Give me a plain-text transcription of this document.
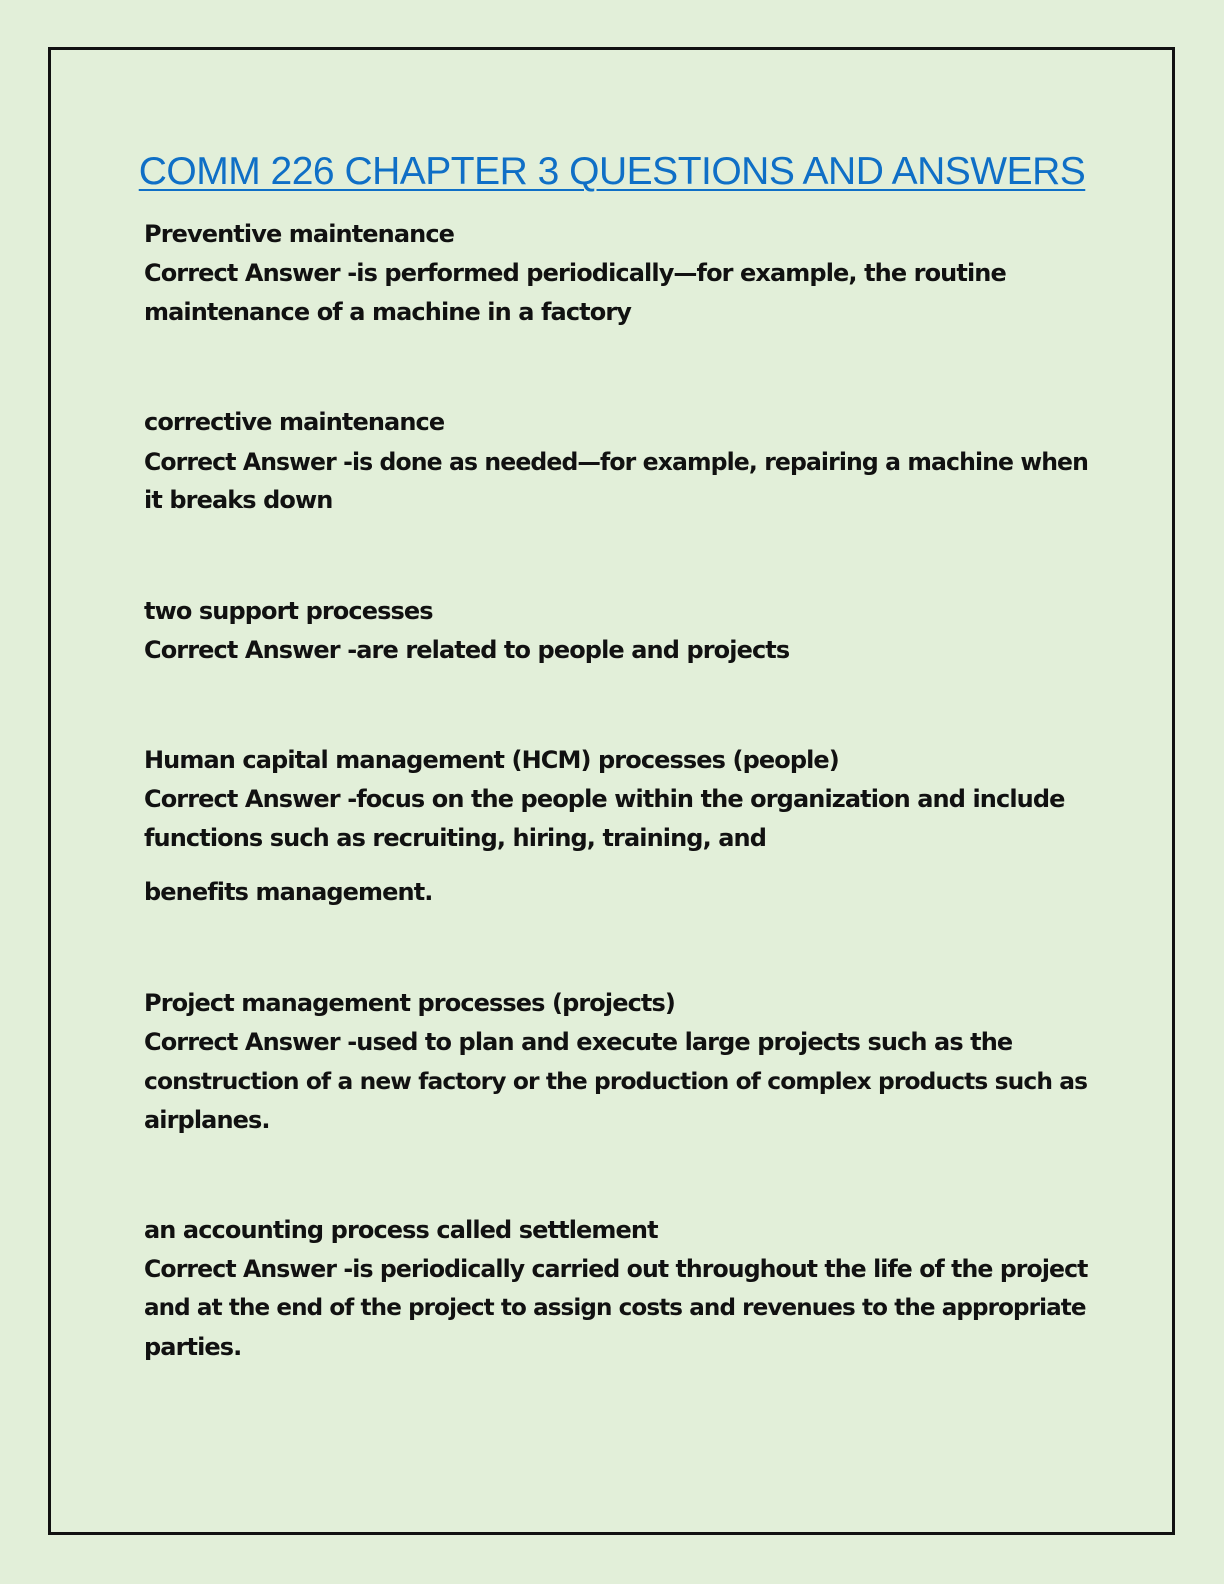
COMM 226 CHAPTER 3 QUESTIONS AND ANSWERS
Preventive maintenance
Correct Answer -is performed periodically—for example, the routine
maintenance of a machine in a factory
corrective maintenance
Correct Answer -is done as needed—for example, repairing a machine when
it breaks down
two support processes
Correct Answer -are related to people and projects
Human capital management (HCM) processes (people)
Correct Answer -focus on the people within the organization and include
functions such as recruiting, hiring, training, and
benefits management.
Project management processes (projects)
Correct Answer -used to plan and execute large projects such as the
construction of a new factory or the production of complex products such as
airplanes.
an accounting process called settlement
Correct Answer -is periodically carried out throughout the life of the project
and at the end of the project to assign costs and revenues to the appropriate
parties.
